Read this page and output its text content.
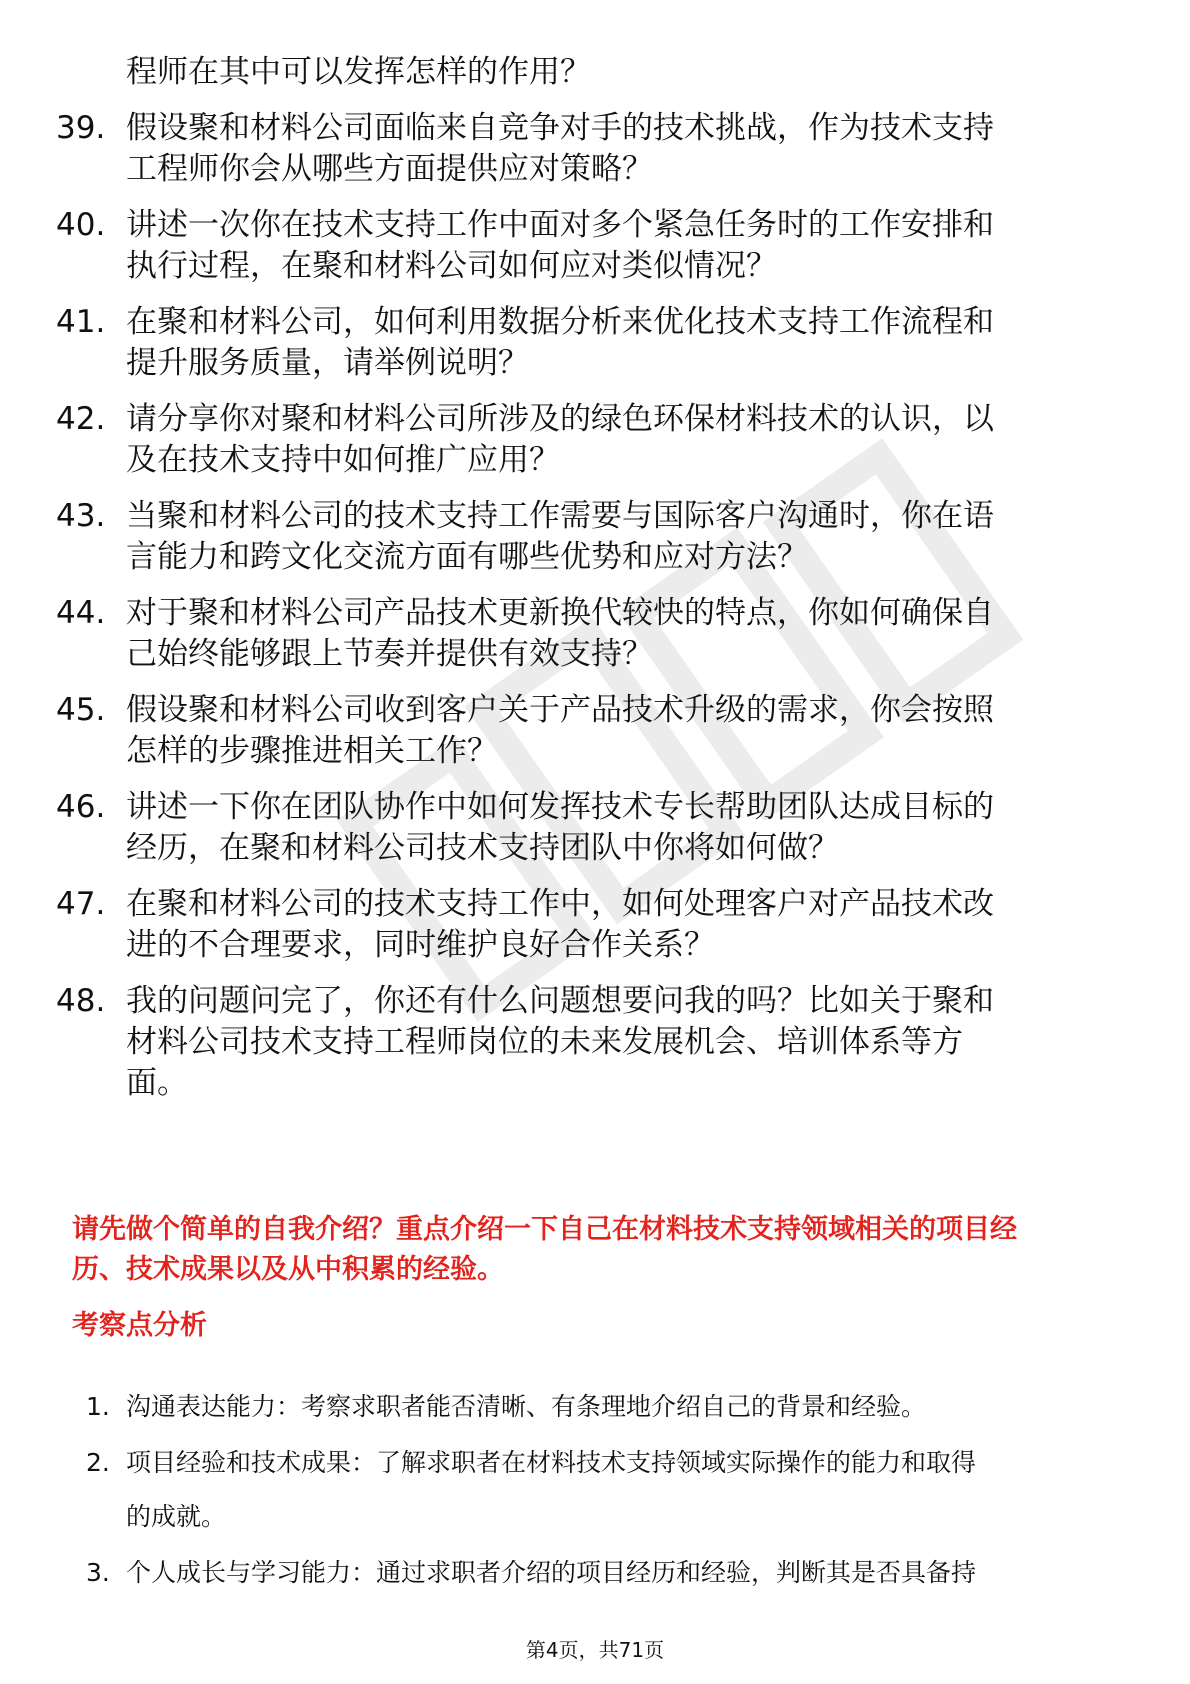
程师在其中可以发挥怎样的作用？
39. 假设聚和材料公司面临来自竞争对手的技术挑战，作为技术支持
工程师你会从哪些方面提供应对策略？
40. 讲述一次你在技术支持工作中面对多个紧急任务时的工作安排和
执行过程，在聚和材料公司如何应对类似情况？
41. 在聚和材料公司，如何利用数据分析来优化技术支持工作流程和
提升服务质量，请举例说明？
42. 请分享你对聚和材料公司所涉及的绿色环保材料技术的认识，以
及在技术支持中如何推广应用？
43. 当聚和材料公司的技术支持工作需要与国际客户沟通时，你在语
言能力和跨文化交流方面有哪些优势和应对方法？
44. 对于聚和材料公司产品技术更新换代较快的特点，你如何确保自
己始终能够跟上节奏并提供有效支持？
45. 假设聚和材料公司收到客户关于产品技术升级的需求，你会按照
怎样的步骤推进相关工作？
46. 讲述一下你在团队协作中如何发挥技术专长帮助团队达成目标的
经历，在聚和材料公司技术支持团队中你将如何做？
47. 在聚和材料公司的技术支持工作中，如何处理客户对产品技术改
进的不合理要求，同时维护良好合作关系？
48. 我的问题问完了，你还有什么问题想要问我的吗？比如关于聚和
材料公司技术支持工程师岗位的未来发展机会、培训体系等方
面。
请先做个简单的自我介绍？重点介绍一下自己在材料技术支持领域相关的项目经
历、技术成果以及从中积累的经验。
考察点分析
1. 沟通表达能力：考察求职者能否清晰、有条理地介绍自己的背景和经验。
2. 项目经验和技术成果：了解求职者在材料技术支持领域实际操作的能力和取得
的成就。
3. 个人成长与学习能力：通过求职者介绍的项目经历和经验，判断其是否具备持
第4页，共71页
